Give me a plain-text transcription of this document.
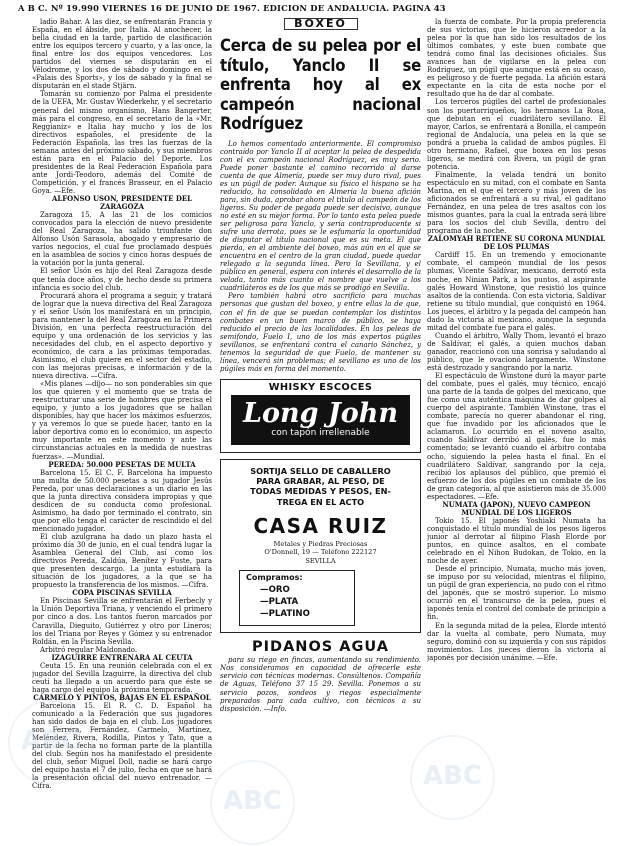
A B C. Nº 19.990 VIERNES 16 DE JUNIO DE 1967. EDICION DE ANDALUCIA. PAGINA 43

ladio Bahar. A las diez, se enfrentarán Francia y España, en el ábside, por Italia. Al anochecer, la bella ciudad en la tarde, partido de clasificación entre los equipos tercero y cuarto, y a las once, la final entre los dos equipos vencedores. Los partidos del viernes se disputarán en el Vélodrome, y los dos de sábado y domingo en el «Palais des Sports», y los de sábado y la final se disputarán en el stade Stjärn.

Tomarán su comienzo por Palma el presidente de la UEFA, Mr. Gustav Wiederkehr, y el secretario general del mismo organismo, Hans Bangerter, más para el congreso, en el secretario de la «Mr. Reggianiz» e Italia hay mucho y los de los directivos españoles, el presidente de la Federación Española, las tres las fuerzas de la semana antes del próximo sábado, y sus miembros están para en el Palacio del Deporte. Los presidentes de la Real Federación Española para ante Jordi-Teodoro, además del Comité de Competición, y el francés Brasseur, en el Palacio Goya. —Efe.

ALFONSO USON, PRESIDENTE DEL ZARAGOZA

Zaragoza 15. A las 21 de los comicios convocados para la elección de nuevo presidente del Real Zaragoza, ha salido triunfante don Alfonso Usón Sarasola, abogado y empresario de varios negocios, el cual fue proclamado después en la asamblea de socios y cinco horas después de la votación por la junta general.

El señor Usón es hijo del Real Zaragoza desde que tenía doce años, y de hecho desde su primera infancia es socio del club.

Procurará ahora el programa a seguir, y tratará de lograr que la nueva directiva del Real Zaragoza y el señor Usón los manifestará en un principio, para mantener la del Real Zaragoza en la Primera División, en una perfecta reestructuración del equipo y una ordenación de los servicios y las necesidades del club, en el aspecto deportivo y económico, de cara a las próximas temporadas. Asimismo, el club quiere en el sector del estadio, con las mejoras precisas, e información y de la nueva directiva. —Cifra.

«Mis planes —dijo— no son ponderables sin que los que quieren y el momento que se trata de reestructurar una serie de hombres que precisa el equipo, y junto a los jugadores que se hallan disponibles, hay que hacer los máximos esfuerzos, y ya veremos lo que se puede hacer, tanto en la labor deportiva como en lo económico, un aspecto muy importante en este momento y ante las circunstancias actuales en la medida de nuestras fuerzas». —Mundial.

PEREDA: 50.000 PESETAS DE MULTA

Barcelona 15. El C. F. Barcelona ha impuesto una multa de 50.000 pesetas a su jugador Jesús Pereda, por unas declaraciones a un diario en las que la junta directiva considera impropias y que desdicen de su conducta como profesional. Asimismo, ha dado por terminado el contrato, sin que por ello tenga el carácter de rescindido el del mencionado jugador.

El club azulgrana ha dado un plazo hasta el próximo día 30 de junio, en el cual tendrá lugar la Asamblea General del Club, así como los directivos Pereda, Zaldúa, Benítez y Fuste, para que presenten descargo. La junta estudiará la situación de los jugadores, a la que se ha propuesto la transferencia de los mismos. —Cifra.

COPA PISCINAS SEVILLA

En Piscinas Sevilla se enfrentarán el Ferbecly y la Unión Deportiva Triana, y venciendo el primero por cinco a dos. Los tantos fueron marcados por Caravilla, Dieguito, Gutiérrez y otro por Lineros; los del Triana por Reyes y Gómez y su entrenador Roldán, en la Piscina Sevilla.

Arbitró regular Maldonado.

IZAGUIRRE ENTRENARA AL CEUTA

Ceuta 15. En una reunión celebrada con el ex jugador del Sevilla Izaguirre, la directiva del club ceutí ha llegado a un acuerdo para que éste se haga cargo del equipo la próxima temporada.

CARMELO Y PINTOS, BAJAS EN EL ESPAÑOL

Barcelona 15. El R. C. D. Español ha comunicado a la Federación que sus jugadores han sido dados de baja en el club. Los jugadores son Ferrera, Fernández, Carmelo, Martínez, Meléndez, Rivera, Rodilla, Pintos y Tato, que a partir de la fecha no forman parte de la plantilla del club. Según nos ha manifestado el presidente del club, señor Miguel Doll, nadie se hará cargo del equipo hasta el 7 de julio, fecha en que se hará la presentación oficial del nuevo entrenador. —Cifra.

BOXEO
Cerca de su pelea por el título, Yanclo II se enfrenta hoy al ex campeón nacional Rodríguez

Lo hemos comentado anteriormente. El compromiso contraído por Yanclo II al aceptar la pelea de despedida con el ex campeón nacional Rodríguez, es muy serio. Puede poner bastante el camino recorrido al darse cuenta de que Almería, puede ser muy duro rival, pues es un púgil de poder. Aunque su físico el hispano se ha reducido, ha consolidado en Almería la buena afición para, sin duda, aprobar ahora el título al campeón de los ligeros. Su poder de pegada puede ser decisivo, aunque no esté en su mejor forma. Por lo tanto esta pelea puede ser peligrosa para Yanclo, y sería contraproducente si sufre una derrota, pues se le esfumaría la oportunidad de disputar el título nacional que es su meta. El que pierda, en el ambiente del boxeo, más aún en el que se encuentra en el centro de la gran ciudad, puede quedar relegado a la segunda línea. Pero la Sevillana, y el público en general, espera con interés el desarrollo de la velada, tanto más cuanto el nombre que vuelve a los cuadriláteros es de los que más se prodigó en Sevilla.

Pero también habrá otro sacrificio para muchas personas que gustan del boxeo, y entre ellas la de que, con el fin de que se puedan contemplar los distintos combates en un buen marco de público, se haya reducido el precio de las localidades. En las peleas de semifondo, Fuelo I, uno de los más expertos púgiles sevillanos, se enfrentará contra el canario Sánchez, y tenemos la seguridad de que Fuelo, de mantener su línea, vencerá sin problemas; el sevillano es uno de los púgiles más en forma del momento.

WHISKY ESCOCES
Long John
con tapón irrellenable
SORTIJA SELLO DE CABALLERO
PARA GRABAR, AL PESO, DE
TODAS MEDIDAS Y PESOS, EN-
TREGA EN EL ACTO
CASA RUIZ
Metales y Piedras Preciosas
O'Donnell, 19 — Teléfono 222127
SEVILLA
Compramos:
—ORO
—PLATA
—PLATINO
PIDANOS AGUA

para su riego en fincas, aumentando su rendimiento. Nos consideramos en capacidad de ofrecerle este servicio con técnicas modernas. Consúltenos. Compañía de Aguas, Teléfono 37 15 29. Sevilla. Ponemos a su servicio pozos, sondeos y riegos especialmente preparados para cada cultivo, con técnicos a su disposición. —Info.

la fuerza de combate. Por la propia preferencia de sus victorias, que le hicieron acreedor a la pelea por la que han sido los resultados de los últimos combates, y este buen combate que tendrá como final las decisiones oficiales. Sus avances han de vigilarse en la pelea con Rodríguez, un púgil que aunque está en su ocaso, es peligroso y de fuerte pegada. La afición estará expectante en la cita de esta noche por el resultado que ha de dar al combate.

Los terceros púgiles del cartel de profesionales son los puertorriqueños, los hermanos La Rosa, que debutan en el cuadrilátero sevillano. El mayor, Carlos, se enfrentará a Bonilla, el campeón regional de Andalucía, una pelea en la que se pondrá a prueba la calidad de ambos púgiles. El otro hermano, Rafael, que boxea en los pesos ligeros, se medirá con Rivera, un púgil de gran potencia.

Finalmente, la velada tendrá un bonito espectáculo en su mitad, con el combate en Santa Marina, en el que el tercero y más joven de los aficionados se enfrentará a su rival, el gaditano Fernández, en una pelea de tres asaltos con los mismos guantes, para la cual la entrada será libre para los socios del club Sevilla, dentro del programa de la noche.

ZALOMYAH RETIENE SU CORONA MUNDIAL DE LOS PLUMAS

Cardiff 15. En un tremendo y emocionante combate, el campeón mundial de los pesos plumas, Vicente Saldívar, mexicano, derrotó esta noche, en Ninian Park, a los puntos, al aspirante galés Howard Winstone, que resistió los quince asaltos de la contienda. Con esta victoria, Saldívar retiene su título mundial, que conquistó en 1964. Los jueces, el árbitro y la pegada del campeón han dado la victoria al mexicano, aunque la segunda mitad del combate fue para el galés.

Cuando el árbitro, Wally Thom, levantó el brazo de Saldívar, el galés, a quien muchos daban ganador, reaccionó con una sonrisa y saludando al público, que le ovacionó largamente. Winstone está destrozado y sangrando por la nariz.

El espectáculo de Winstone duró la mayor parte del combate, pues el galés, muy técnico, encajó una parte de la tanda de golpes del mexicano, que fue como una auténtica máquina de dar golpes al cuerpo del aspirante. También Winstone, tras el combate, parecía no querer abandonar el ring, que fue invadido por los aficionados que le aclamaron. Lo ocurrido en el noveno asalto, cuando Saldívar derribó al galés, fue lo más comentado; se levantó cuando el árbitro contaba ocho, siguiendo la pelea hasta el final. En el cuadrilátero Saldívar, sangrando por la ceja, recibió los aplausos del público, que premió el esfuerzo de los dos púgiles en un combate de los de gran categoría, al que asistieron más de 35.000 espectadores. —Efe.

NUMATA (JAPON), NUEVO CAMPEON MUNDIAL DE LOS LIGEROS

Tokio 15. El japonés Yoshiaki Numata ha conquistado el título mundial de los pesos ligeros junior al derrotar al filipino Flash Elorde por puntos, en quince asaltos, en el combate celebrado en el Nihon Budokan, de Tokio, en la noche de ayer.

Desde el principio, Numata, mucho más joven, se impuso por su velocidad, mientras el filipino, un púgil de gran experiencia, no pudo con el ritmo del japonés, que se mostró superior. Lo mismo ocurrió en el transcurso de la pelea, pues el japonés tenía el control del combate de principio a fin.

En la segunda mitad de la pelea, Elorde intentó dar la vuelta al combate, pero Numata, muy seguro, dominó con su izquierda y con sus rápidos movimientos. Los jueces dieron la victoria al japonés por decisión unánime. —Efe.

ABC
ABC
ABC
